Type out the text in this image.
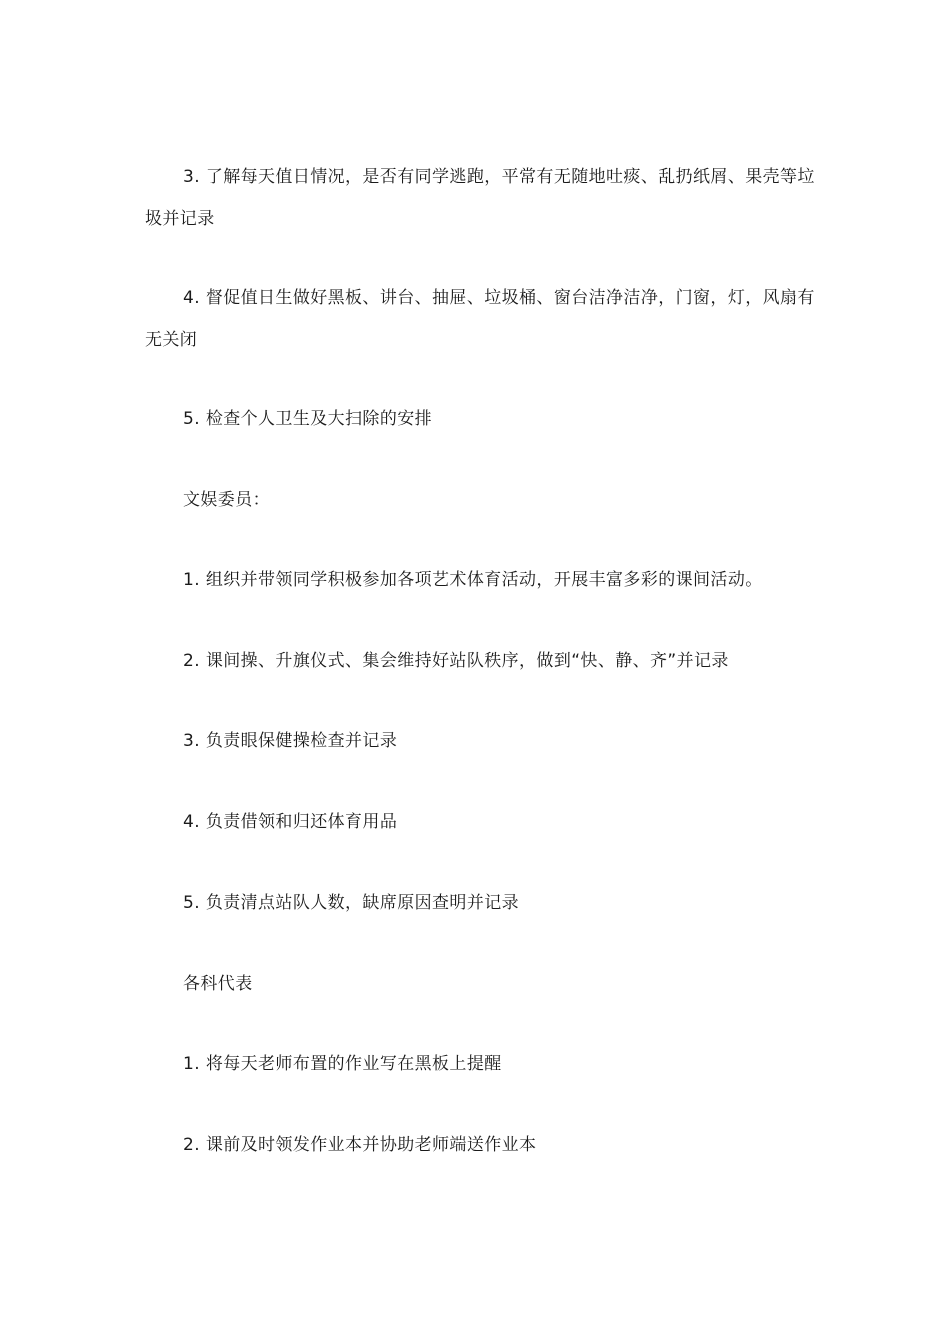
3. 了解每天值日情况，是否有同学逃跑，平常有无随地吐痰、乱扔纸屑、果壳等垃圾并记录

4. 督促值日生做好黑板、讲台、抽屉、垃圾桶、窗台洁净洁净，门窗，灯，风扇有无关闭

5. 检查个人卫生及大扫除的安排

文娱委员：

1. 组织并带领同学积极参加各项艺术体育活动，开展丰富多彩的课间活动。

2. 课间操、升旗仪式、集会维持好站队秩序，做到“快、静、齐”并记录

3. 负责眼保健操检查并记录

4. 负责借领和归还体育用品

5. 负责清点站队人数，缺席原因查明并记录

各科代表

1. 将每天老师布置的作业写在黑板上提醒

2. 课前及时领发作业本并协助老师端送作业本
